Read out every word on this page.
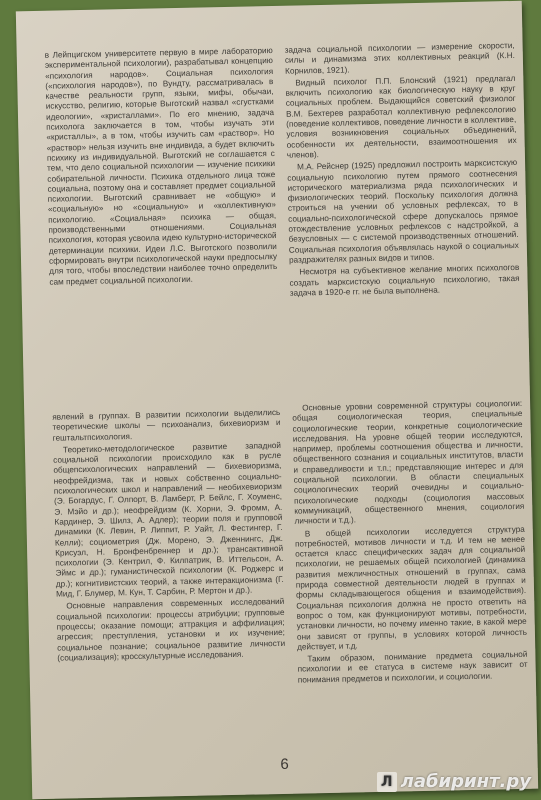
в Лейпцигском университете первую в мире лабораторию экспериментальной психологии), разрабатывал концепцию «психология народов». Социальная психология («психология народов»), по Вундту, рассматривалась в качестве реальности групп, языки, мифы, обычаи, искусство, религию, которые Выготский назвал «сгустками идеологии», «кристаллами». По его мнению, задача психолога заключается в том, чтобы изучать эти «кристаллы», а в том, чтобы изучить сам «раствор». Но «раствор» нельзя изучить вне индивида, а будет включить психику из индивидуальной. Выготский не соглашается с тем, что дело социальной психологии — изучение психики собирательной личности. Психика отдельного лица тоже социальна, поэтому она и составляет предмет социальной психологии. Выготский сравнивает не «общую» и «социальную» но «социальную» и «коллективную» психологию. «Социальная» психика — общая, производственными отношениями. Социальная психология, которая усвоила идею культурно-исторической детерминации психики. Идеи Л.С. Выготского позволили сформировать внутри психологической науки предпосылку для того, чтобы впоследствии наиболее точно определить сам предмет социальной психологии.

задача социальной психологии — измерение скорости, силы и динамизма этих коллективных реакций (К.Н. Корнилов, 1921).

Видный психолог П.П. Блонский (1921) предлагал включить психологию как биологическую науку в круг социальных проблем. Выдающийся советский физиолог В.М. Бехтерев разработал коллективную рефлексологию (поведение коллективов, поведение личности в коллективе, условия возникновения социальных объединений, особенности их деятельности, взаимоотношения их членов).

М.А. Рейснер (1925) предложил построить марксистскую социальную психологию путем прямого соотнесения исторического материализма ряда психологических и физиологических теорий. Поскольку психология должна строиться на учении об условных рефлексах, то в социально-психологической сфере допускалось прямое отождествление условных рефлексов с надстройкой, а безусловных — с системой производственных отношений. Социальная психология объявлялась наукой о социальных раздражителях разных видов и типов.

Несмотря на субъективное желание многих психологов создать марксистскую социальную психологию, такая задача в 1920-е гг. не была выполнена.

явлений в группах. В развитии психологии выделились теоретические школы — психоанализ, бихевиоризм и гештальтпсихология.

Теоретико-методологическое развитие западной социальной психологии происходило как в русле общепсихологических направлений — бихевиоризма, неофрейдизма, так и новых собственно социально-психологических школ и направлений — необихевиоризм (Э. Богардус, Г. Олпорт, В. Ламберт, Р. Бейлс, Г. Хоуменс, Э. Мэйо и др.); неофрейдизм (К. Хорни, Э. Фромм, А. Кардинер, Э. Шилз, А. Адлер); теории поля и групповой динамики (К. Левин, Р. Липпит, Р. Уайт, Л. Фестингер, Г. Келли); социометрия (Дж. Морено, Э. Дженнингс, Дж. Крисуэл, Н. Бронфенбреннер и др.); трансактивной психологии (Э. Кентрил, Ф. Килпатрик, В. Иттельсон, А. Эймс и др.); гуманистической психологии (К. Роджерс и др.); когнитивистских теорий, а также интеракционизма (Г. Мид, Г. Блумер, М. Кун, Т. Сарбин, Р. Мертон и др.).

Основные направления современных исследований социальной психологии: процессы атрибуции; групповые процессы; оказание помощи; аттракция и аффилиация; агрессия; преступления, установки и их изучение; социальное познание; социальное развитие личности (социализация); кросскультурные исследования.

Основные уровни современной структуры социологии: общая социологическая теория, специальные социологические теории, конкретные социологические исследования. На уровне общей теории исследуются, например, проблемы соотношения общества и личности, общественного сознания и социальных институтов, власти и справедливости и т.п.; представляющие интерес и для социальной психологии. В области специальных социологических теорий очевидны и социально-психологические подходы (социология массовых коммуникаций, общественного мнения, социология личности и т.д.).

В общей психологии исследуется структура потребностей, мотивов личности и т.д. И тем не менее остается класс специфических задач для социальной психологии, не решаемых общей психологией (динамика развития межличностных отношений в группах, сама природа совместной деятельности людей в группах и формы складывающегося общения и взаимодействия). Социальная психология должна не просто ответить на вопрос о том, как функционируют мотивы, потребности, установки личности, но почему именно такие, в какой мере они зависят от группы, в условиях которой личность действует, и т.д.

Таким образом, понимание предмета социальной психологии и ее статуса в системе наук зависит от понимания предметов и психологии, и социологии.

6
Л лабиринт.ру
